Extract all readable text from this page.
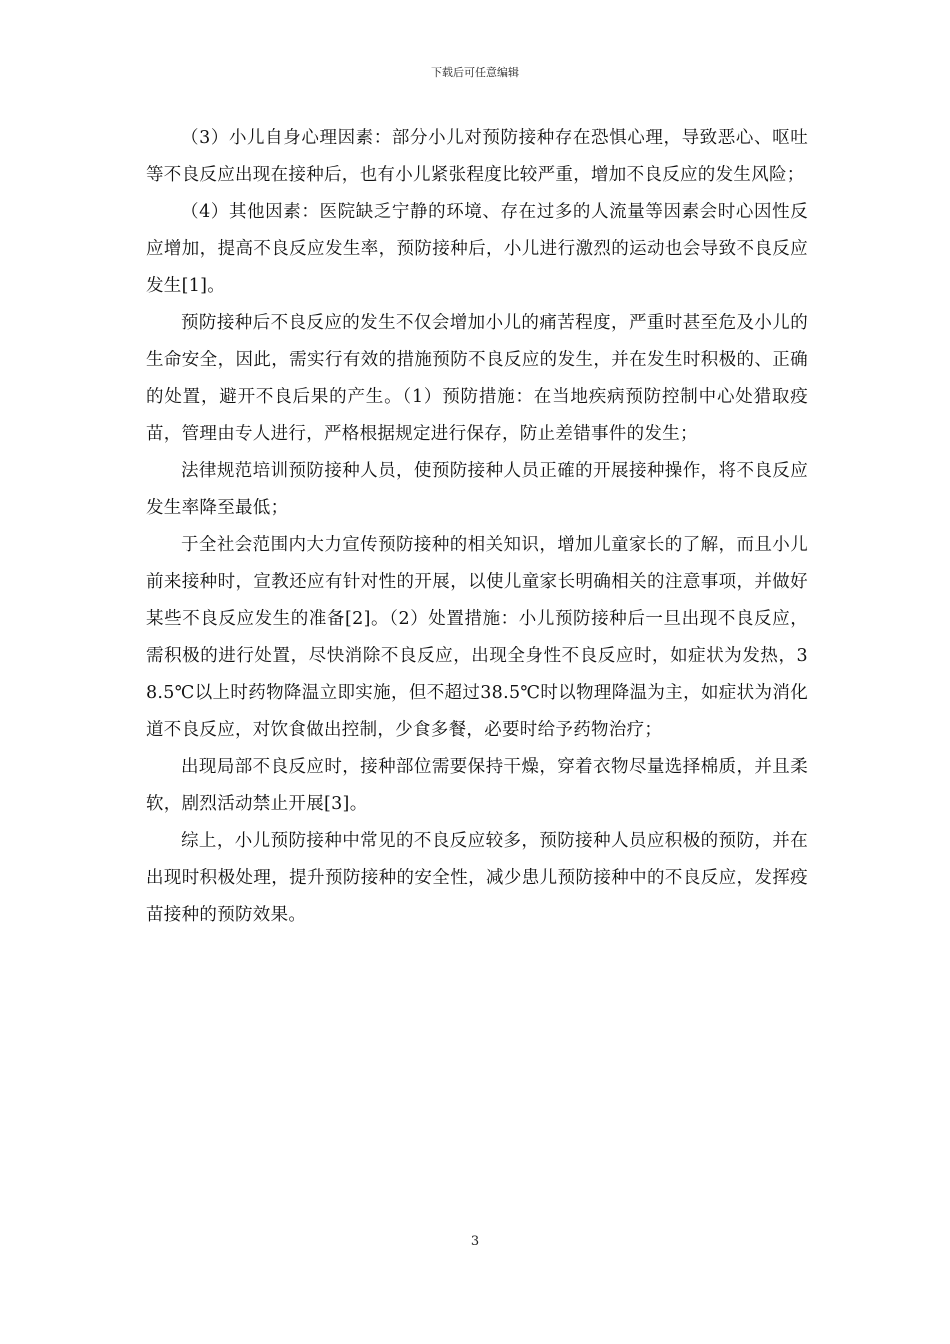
下载后可任意编辑

（3）小儿自身心理因素：部分小儿对预防接种存在恐惧心理，导致恶心、呕吐等不良反应出现在接种后，也有小儿紧张程度比较严重，增加不良反应的发生风险；

（4）其他因素：医院缺乏宁静的环境、存在过多的人流量等因素会时心因性反应增加，提高不良反应发生率，预防接种后，小儿进行激烈的运动也会导致不良反应发生[1]。

预防接种后不良反应的发生不仅会增加小儿的痛苦程度，严重时甚至危及小儿的生命安全，因此，需实行有效的措施预防不良反应的发生，并在发生时积极的、正确的处置，避开不良后果的产生。（1）预防措施：在当地疾病预防控制中心处猎取疫苗，管理由专人进行，严格根据规定进行保存，防止差错事件的发生；

法律规范培训预防接种人员，使预防接种人员正確的开展接种操作，将不良反应发生率降至最低；

于全社会范围内大力宣传预防接种的相关知识，增加儿童家长的了解，而且小儿前来接种时，宣教还应有针对性的开展，以使儿童家长明确相关的注意事项，并做好某些不良反应发生的准备[2]。（2）处置措施：小儿预防接种后一旦出现不良反应，需积极的进行处置，尽快消除不良反应，出现全身性不良反应时，如症状为发热，38.5℃以上时药物降温立即实施，但不超过38.5℃时以物理降温为主，如症状为消化道不良反应，对饮食做出控制，少食多餐，必要时给予药物治疗；

出现局部不良反应时，接种部位需要保持干燥，穿着衣物尽量选择棉质，并且柔软，剧烈活动禁止开展[3]。

综上，小儿预防接种中常见的不良反应较多，预防接种人员应积极的预防，并在出现时积极处理，提升预防接种的安全性，减少患儿预防接种中的不良反应，发挥疫苗接种的预防效果。

3
